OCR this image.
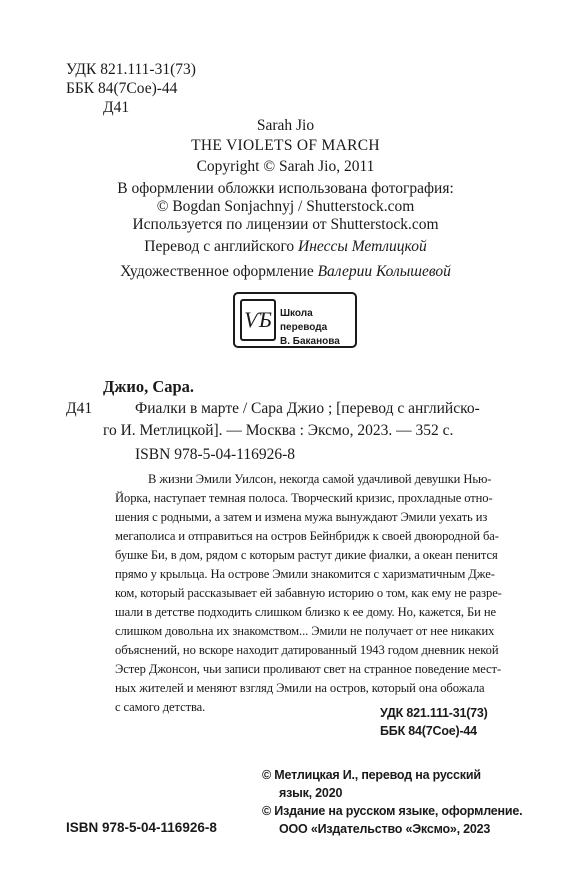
УДК 821.111-31(73)
ББК 84(7Сое)-44
Д41
Sarah Jio
THE VIOLETS OF MARCH
Copyright © Sarah Jio, 2011
В оформлении обложки использована фотография:
© Bogdan Sonjachnyj / Shutterstock.com
Используется по лицензии от Shutterstock.com
Перевод с английского Инессы Метлицкой
Художественное оформление Валерии Колышевой
ѴБ Школа перевода
В. Баканова
Джио, Сара.
Д41	Фиалки в марте / Сара Джио ; [перевод с английско-
го И. Метлицкой]. — Москва : Эксмо, 2023. — 352 с.
ISBN 978-5-04-116926-8
В жизни Эмили Уилсон, некогда самой удачливой девушки Нью-
Йорка, наступает темная полоса. Творческий кризис, прохладные отно-
шения с родными, а затем и измена мужа вынуждают Эмили уехать из
мегаполиса и отправиться на остров Бейнбридж к своей двоюродной ба-
бушке Би, в дом, рядом с которым растут дикие фиалки, а океан пенится
прямо у крыльца. На острове Эмили знакомится с харизматичным Дже-
ком, который рассказывает ей забавную историю о том, как ему не разре-
шали в детстве подходить слишком близко к ее дому. Но, кажется, Би не
слишком довольна их знакомством... Эмили не получает от нее никаких
объяснений, но вскоре находит датированный 1943 годом дневник некой
Эстер Джонсон, чьи записи проливают свет на странное поведение мест-
ных жителей и меняют взгляд Эмили на остров, который она обожала
с самого детства.	УДК 821.111-31(73)
ББК 84(7Сое)-44
© Метлицкая И., перевод на русский
язык, 2020
© Издание на русском языке, оформление.
ООО «Издательство «Эксмо», 2023
ISBN 978-5-04-116926-8
